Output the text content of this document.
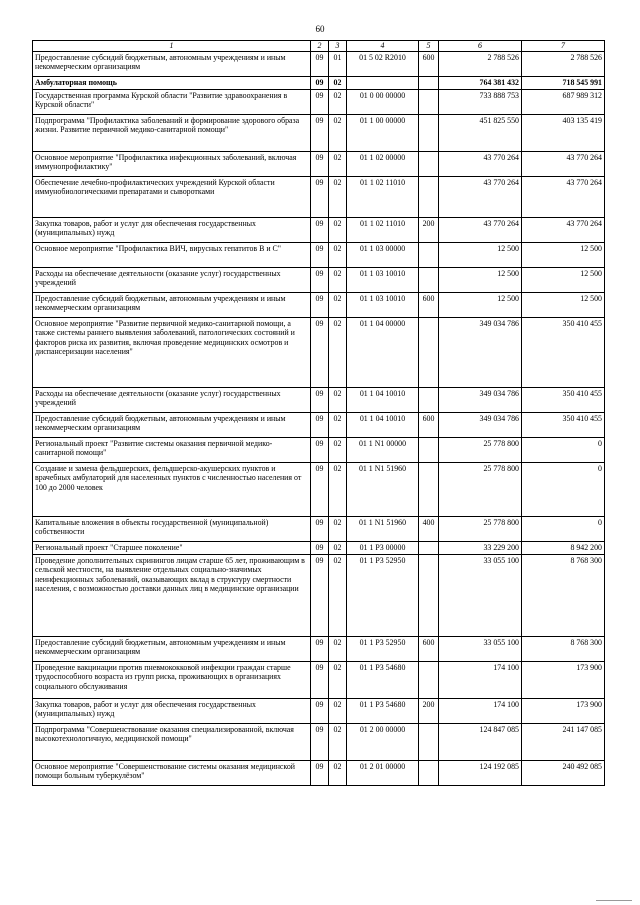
60
1	2	3	4	5	6	7
Предоставление субсидий бюджетным, автономным учреждениям и иным некоммерческим организациям	09	01	01 5 02 R2010	600	2 788 526	2 788 526
Амбулаторная помощь	09	02			764 381 432	718 545 991
Государственная программа Курской области "Развитие здравоохранения в Курской области"	09	02	01 0 00 00000		733 888 753	687 989 312
Подпрограмма "Профилактика заболеваний и формирование здорового образа жизни. Развитие первичной медико-санитарной помощи"	09	02	01 1 00 00000		451 825 550	403 135 419
Основное мероприятие "Профилактика инфекционных заболеваний, включая иммунопрофилактику"	09	02	01 1 02 00000		43 770 264	43 770 264
Обеспечение лечебно-профилактических учреждений Курской области иммунобиологическими препаратами и сыворотками	09	02	01 1 02 11010		43 770 264	43 770 264
Закупка товаров, работ и услуг для обеспечения государственных (муниципальных) нужд	09	02	01 1 02 11010	200	43 770 264	43 770 264
Основное мероприятие "Профилактика ВИЧ, вирусных гепатитов В и С"	09	02	01 1 03 00000		12 500	12 500
Расходы на обеспечение деятельности (оказание услуг) государственных учреждений	09	02	01 1 03 10010		12 500	12 500
Предоставление субсидий бюджетным, автономным учреждениям и иным некоммерческим организациям	09	02	01 1 03 10010	600	12 500	12 500
Основное мероприятие "Развитие первичной медико-санитарной помощи, а также системы раннего выявления заболеваний, патологических состояний и факторов риска их развития, включая проведение медицинских осмотров и диспансеризации населения"	09	02	01 1 04 00000		349 034 786	350 410 455
Расходы на обеспечение деятельности (оказание услуг) государственных учреждений	09	02	01 1 04 10010		349 034 786	350 410 455
Предоставление субсидий бюджетным, автономным учреждениям и иным некоммерческим организациям	09	02	01 1 04 10010	600	349 034 786	350 410 455
Региональный проект "Развитие системы оказания первичной медико-санитарной помощи"	09	02	01 1 N1 00000		25 778 800	0
Создание и замена фельдшерских, фельдшерско-акушерских пунктов и врачебных амбулаторий для населенных пунктов с численностью населения от 100 до 2000 человек	09	02	01 1 N1 51960		25 778 800	0
Капитальные вложения в объекты государственной (муниципальной) собственности	09	02	01 1 N1 51960	400	25 778 800	0
Региональный проект "Старшее поколение"	09	02	01 1 P3 00000		33 229 200	8 942 200
Проведение дополнительных скринингов лицам старше 65 лет, проживающим в сельской местности, на выявление отдельных социально-значимых неинфекционных заболеваний, оказывающих вклад в структуру смертности населения, с возможностью доставки данных лиц в медицинские организации	09	02	01 1 P3 52950		33 055 100	8 768 300
Предоставление субсидий бюджетным, автономным учреждениям и иным некоммерческим организациям	09	02	01 1 P3 52950	600	33 055 100	8 768 300
Проведение вакцинации против пневмококковой инфекции граждан старше трудоспособного возраста из групп риска, проживающих в организациях социального обслуживания	09	02	01 1 P3 54680		174 100	173 900
Закупка товаров, работ и услуг для обеспечения государственных (муниципальных) нужд	09	02	01 1 P3 54680	200	174 100	173 900
Подпрограмма "Совершенствование оказания специализированной, включая высокотехнологичную, медицинской помощи"	09	02	01 2 00 00000		124 847 085	241 147 085
Основное мероприятие "Совершенствование системы оказания медицинской помощи больным туберкулёзом"	09	02	01 2 01 00000		124 192 085	240 492 085
